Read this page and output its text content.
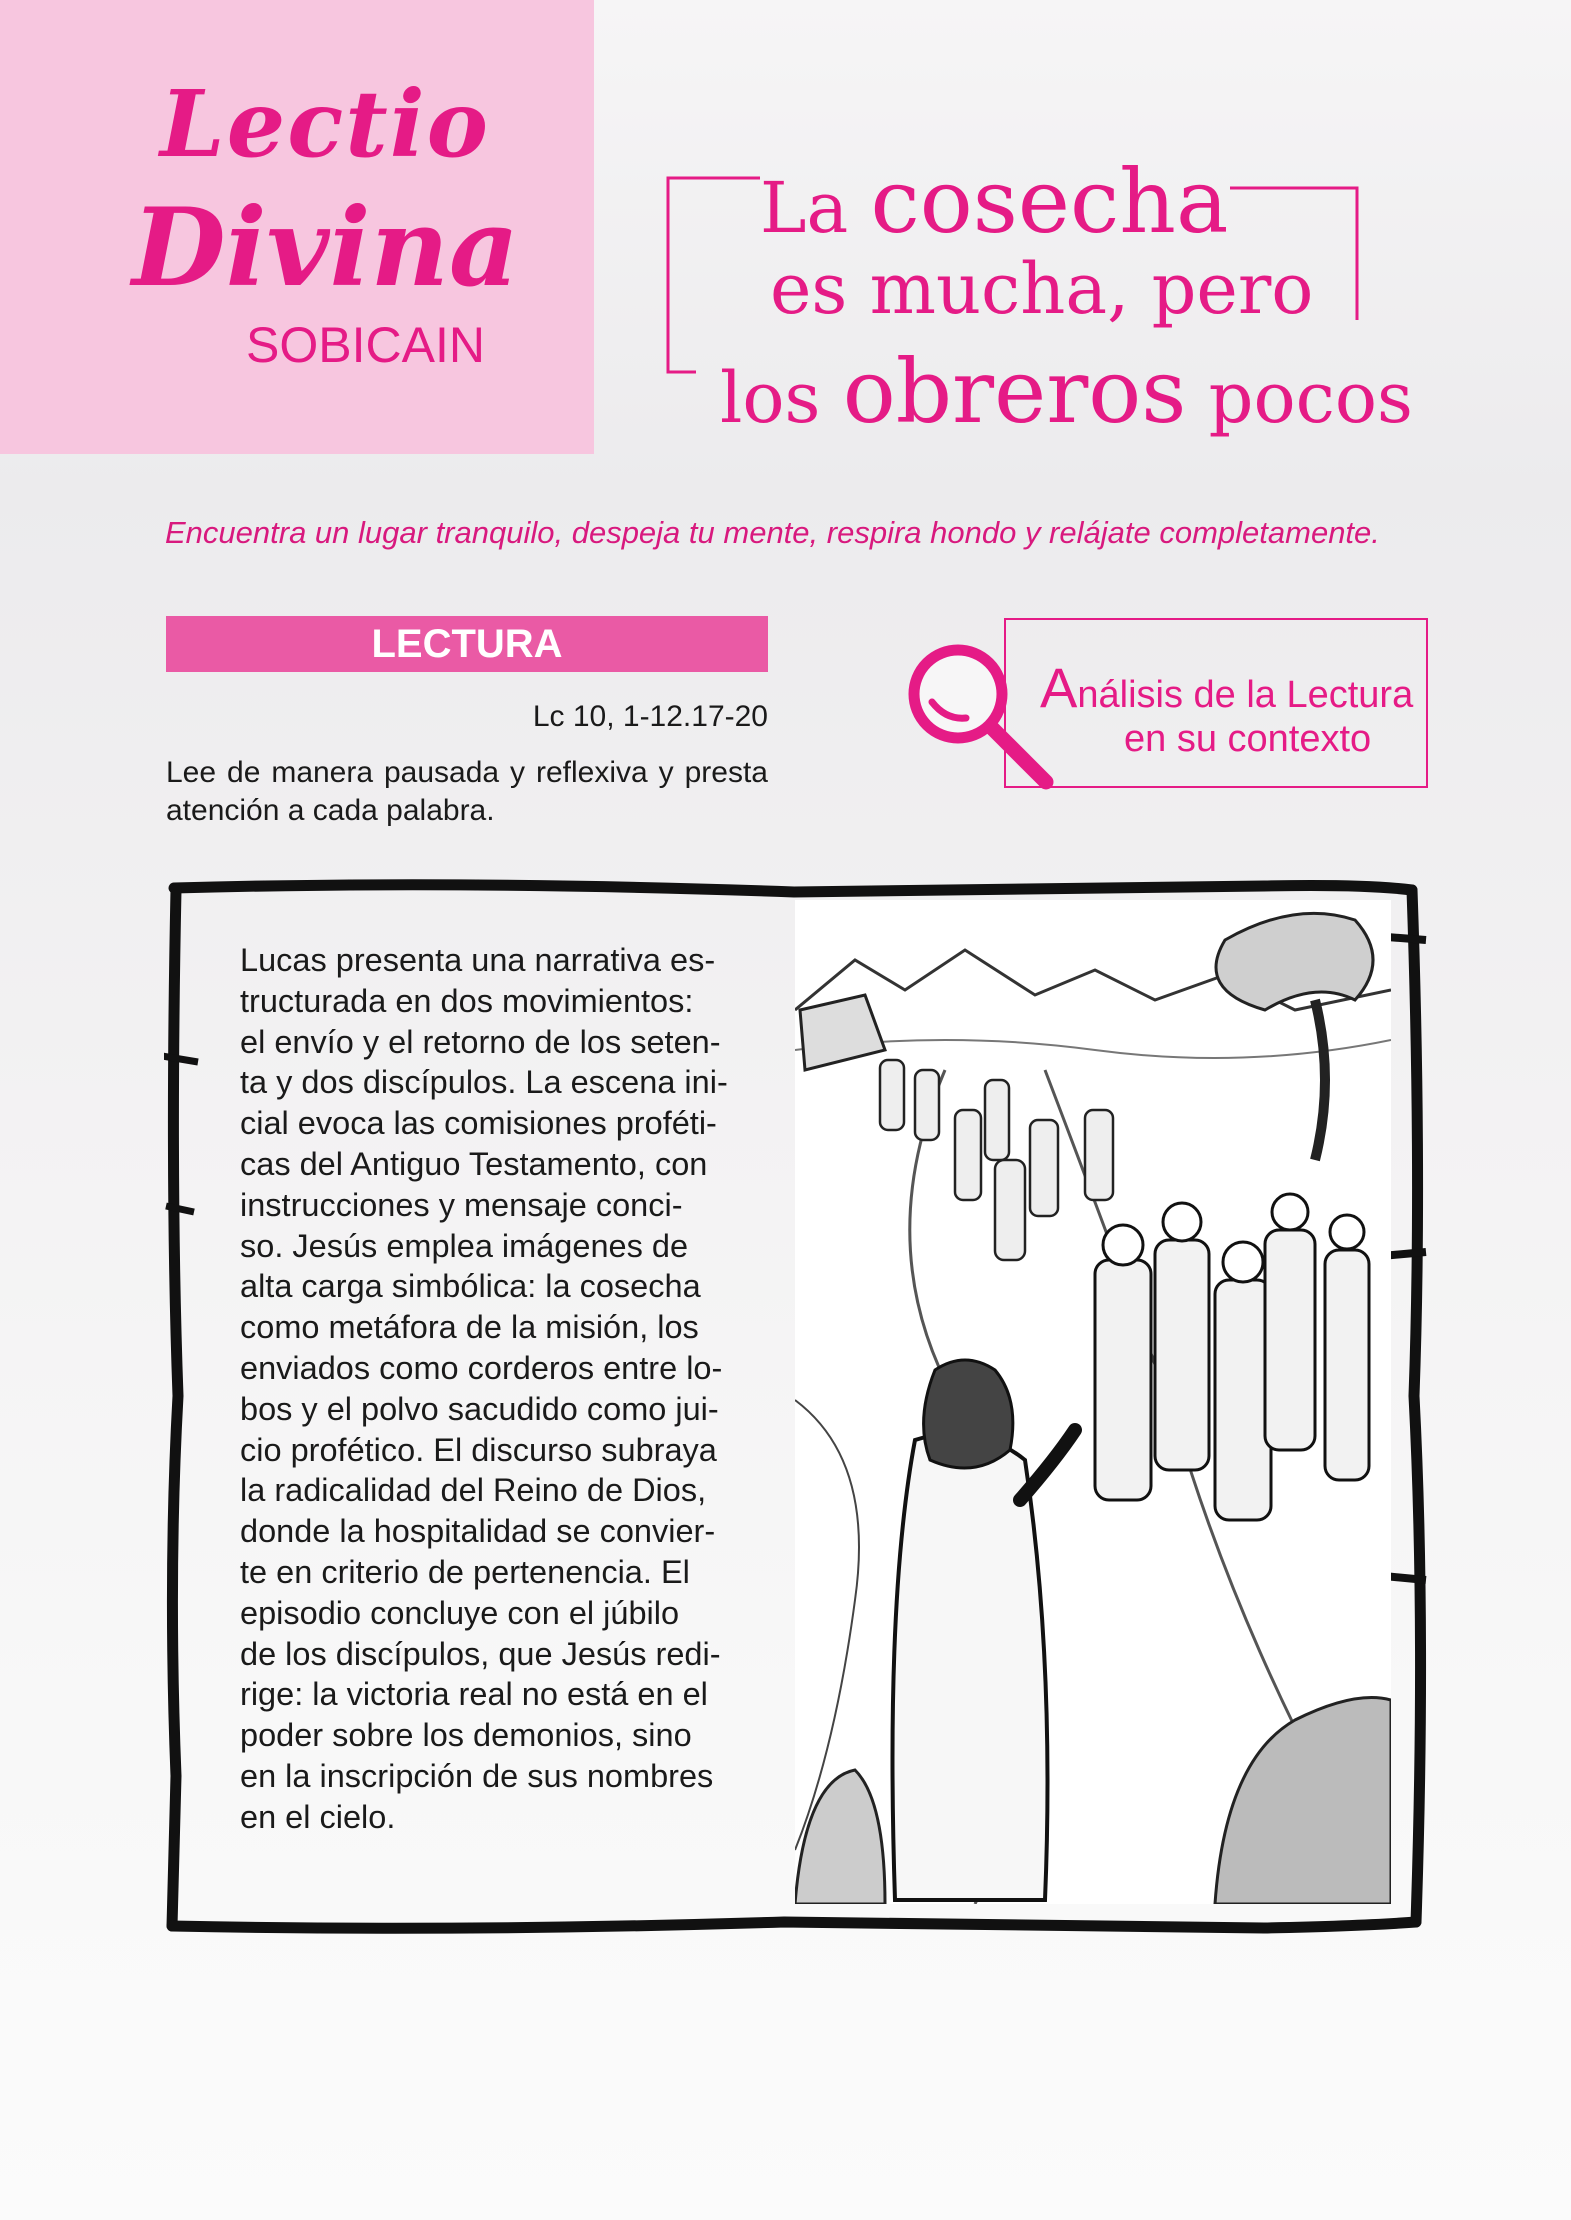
Lectio
Divina
SOBICAIN
La cosecha
es mucha, pero
los obreros pocos
Encuentra un lugar tranquilo, despeja tu mente, respira hondo y relájate completamente.
LECTURA
Lc 10, 1-12.17-20
Lee de manera pausada y reflexiva y presta atención a cada palabra.
Análisis de la Lectura
en su contexto
Lucas presenta una narrativa es-
tructurada en dos movimientos:
el envío y el retorno de los seten-
ta y dos discípulos. La escena ini-
cial evoca las comisiones proféti-
cas del Antiguo Testamento, con
instrucciones y mensaje conci-
so. Jesús emplea imágenes de
alta carga simbólica: la cosecha
como metáfora de la misión, los
enviados como corderos entre lo-
bos y el polvo sacudido como jui-
cio profético. El discurso subraya
la radicalidad del Reino de Dios,
donde la hospitalidad se convier-
te en criterio de pertenencia. El
episodio concluye con el júbilo
de los discípulos, que Jesús redi-
rige: la victoria real no está en el
poder sobre los demonios, sino
en la inscripción de sus nombres
en el cielo.
